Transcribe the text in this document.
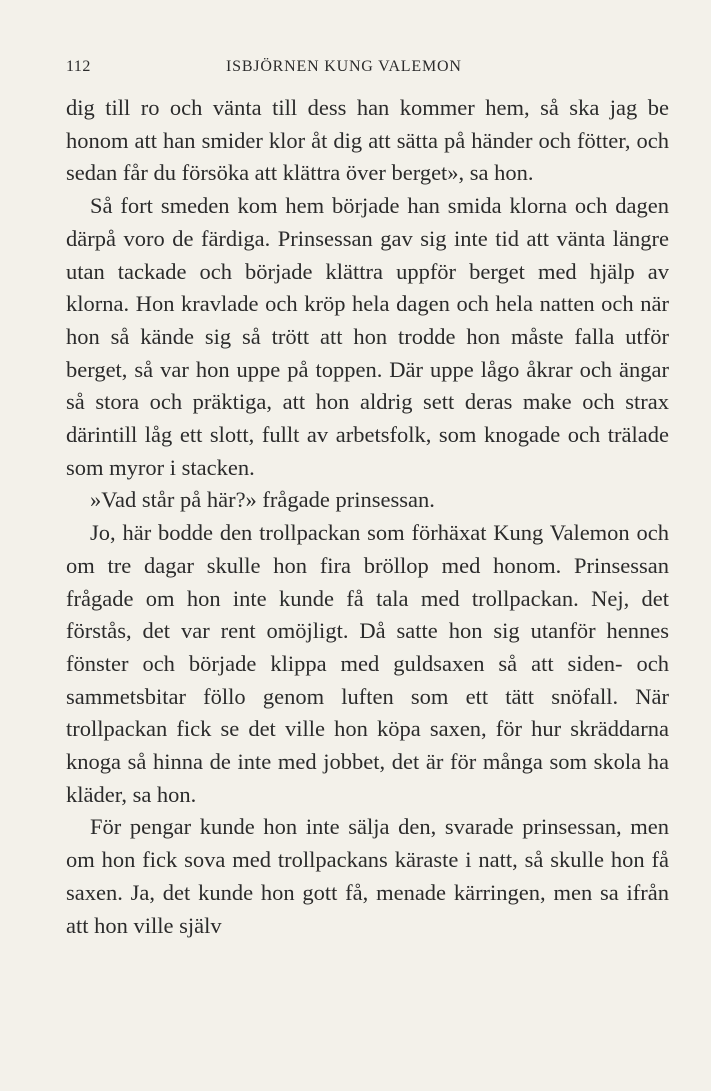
112	ISBJÖRNEN KUNG VALEMON

dig till ro och vänta till dess han kommer hem, så ska jag be honom att han smider klor åt dig att sätta på händer och fötter, och sedan får du försöka att klättra över berget», sa hon.

Så fort smeden kom hem började han smida klorna och dagen därpå voro de färdiga. Prinsessan gav sig inte tid att vänta längre utan tackade och började klättra uppför berget med hjälp av klorna. Hon kravlade och kröp hela dagen och hela natten och när hon så kände sig så trött att hon trodde hon måste falla utför berget, så var hon uppe på toppen. Där uppe lågo åkrar och ängar så stora och präktiga, att hon aldrig sett deras make och strax därintill låg ett slott, fullt av arbetsfolk, som knogade och trälade som myror i stacken.

»Vad står på här?» frågade prinsessan.

Jo, här bodde den trollpackan som förhäxat Kung Valemon och om tre dagar skulle hon fira bröllop med honom. Prinsessan frågade om hon inte kunde få tala med trollpackan. Nej, det förstås, det var rent omöjligt. Då satte hon sig utanför hennes fönster och började klippa med guldsaxen så att siden- och sammetsbitar föllo genom luften som ett tätt snöfall. När trollpackan fick se det ville hon köpa saxen, för hur skräddarna knoga så hinna de inte med jobbet, det är för många som skola ha kläder, sa hon.

För pengar kunde hon inte sälja den, svarade prinsessan, men om hon fick sova med trollpackans käraste i natt, så skulle hon få saxen. Ja, det kunde hon gott få, menade kärringen, men sa ifrån att hon ville själv
